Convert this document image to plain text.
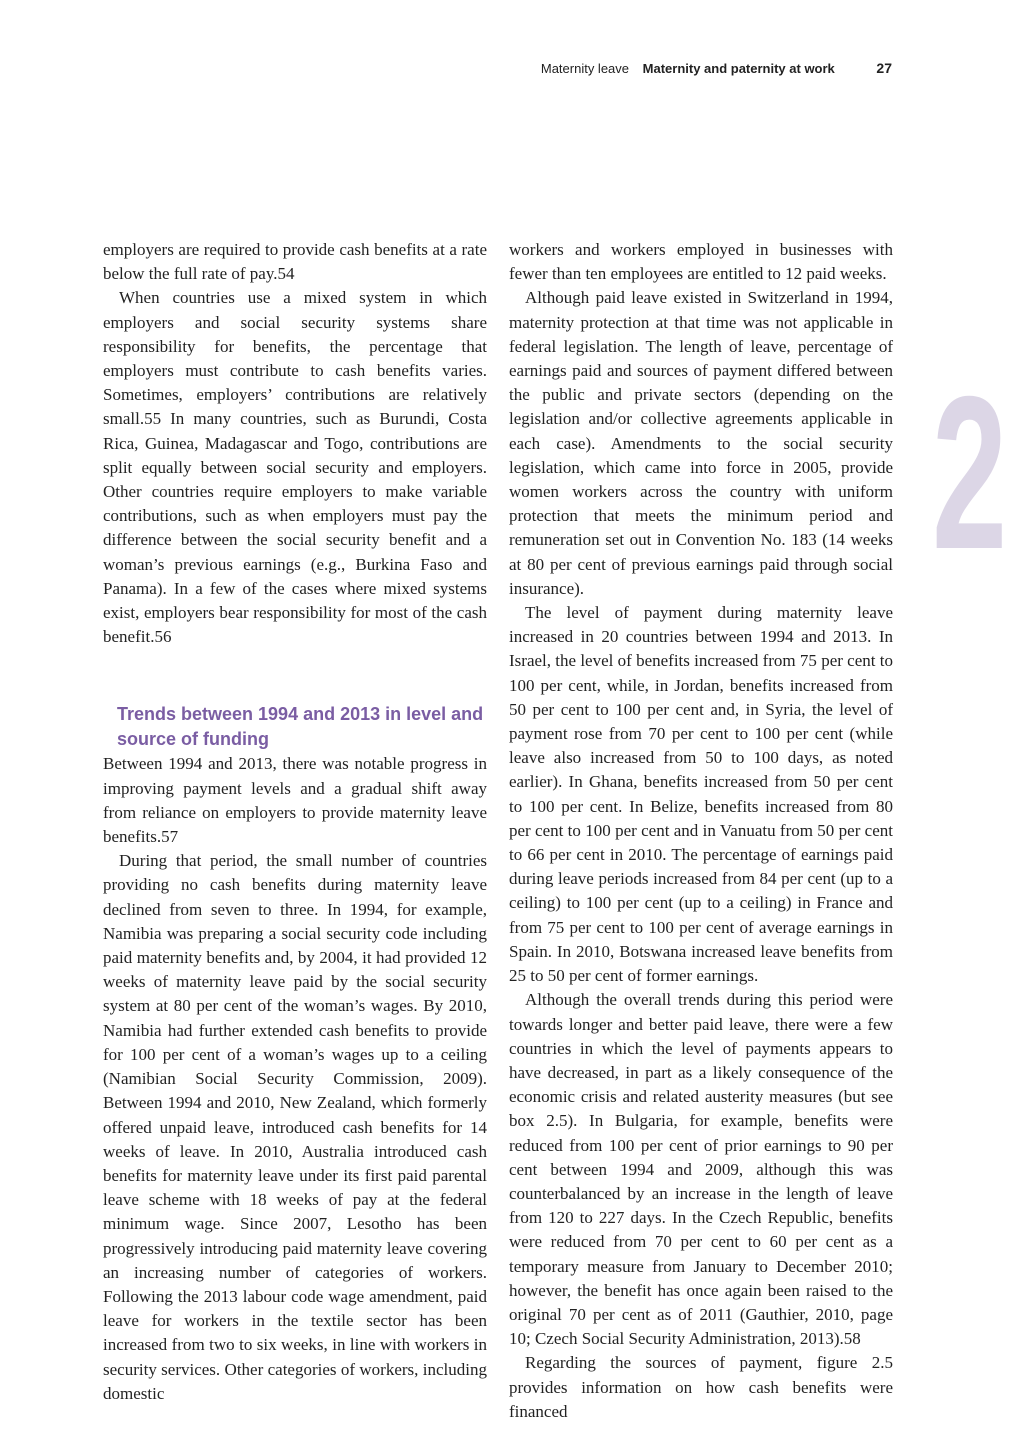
Maternity leave Maternity and paternity at work	27
2

employers are required to provide cash benefits at a rate below the full rate of pay.54

When countries use a mixed system in which employers and social security systems share responsibility for benefits, the percentage that employers must contribute to cash benefits varies. Sometimes, employers’ contributions are relatively small.55 In many countries, such as Burundi, Costa Rica, Guinea, Madagascar and Togo, contributions are split equally between social security and employers. Other countries require employers to make variable contributions, such as when employers must pay the difference between the social security benefit and a woman’s previous earnings (e.g., Burkina Faso and Panama). In a few of the cases where mixed systems exist, employers bear responsibility for most of the cash benefit.56

Trends between 1994 and 2013 in level and source of funding

Between 1994 and 2013, there was notable progress in improving payment levels and a gradual shift away from reliance on employers to provide maternity leave benefits.57

During that period, the small number of countries providing no cash benefits during maternity leave declined from seven to three. In 1994, for example, Namibia was preparing a social security code including paid maternity benefits and, by 2004, it had provided 12 weeks of maternity leave paid by the social security system at 80 per cent of the woman’s wages. By 2010, Namibia had further extended cash benefits to provide for 100 per cent of a woman’s wages up to a ceiling (Namibian Social Security Commission, 2009). Between 1994 and 2010, New Zealand, which formerly offered unpaid leave, introduced cash benefits for 14 weeks of leave. In 2010, Australia introduced cash benefits for maternity leave under its first paid parental leave scheme with 18 weeks of pay at the federal minimum wage. Since 2007, Lesotho has been progressively introducing paid maternity leave covering an increasing number of categories of workers. Following the 2013 labour code wage amendment, paid leave for workers in the textile sector has been increased from two to six weeks, in line with workers in security services. Other categories of workers, including domestic

workers and workers employed in businesses with fewer than ten employees are entitled to 12 paid weeks.

Although paid leave existed in Switzerland in 1994, maternity protection at that time was not applicable in federal legislation. The length of leave, percentage of earnings paid and sources of payment differed between the public and private sectors (depending on the legislation and/or collective agreements applicable in each case). Amendments to the social security legislation, which came into force in 2005, provide women workers across the country with uniform protection that meets the minimum period and remuneration set out in Convention No. 183 (14 weeks at 80 per cent of previous earnings paid through social insurance).

The level of payment during maternity leave increased in 20 countries between 1994 and 2013. In Israel, the level of benefits increased from 75 per cent to 100 per cent, while, in Jordan, benefits increased from 50 per cent to 100 per cent and, in Syria, the level of payment rose from 70 per cent to 100 per cent (while leave also increased from 50 to 100 days, as noted earlier). In Ghana, benefits increased from 50 per cent to 100 per cent. In Belize, benefits increased from 80 per cent to 100 per cent and in Vanuatu from 50 per cent to 66 per cent in 2010. The percentage of earnings paid during leave periods increased from 84 per cent (up to a ceiling) to 100 per cent (up to a ceiling) in France and from 75 per cent to 100 per cent of average earnings in Spain. In 2010, Botswana increased leave benefits from 25 to 50 per cent of former earnings.

Although the overall trends during this period were towards longer and better paid leave, there were a few countries in which the level of payments appears to have decreased, in part as a likely consequence of the economic crisis and related austerity measures (but see box 2.5). In Bulgaria, for example, benefits were reduced from 100 per cent of prior earnings to 90 per cent between 1994 and 2009, although this was counterbalanced by an increase in the length of leave from 120 to 227 days. In the Czech Republic, benefits were reduced from 70 per cent to 60 per cent as a temporary measure from January to December 2010; however, the benefit has once again been raised to the original 70 per cent as of 2011 (Gauthier, 2010, page 10; Czech Social Security Administration, 2013).58

Regarding the sources of payment, figure 2.5 provides information on how cash benefits were financed
